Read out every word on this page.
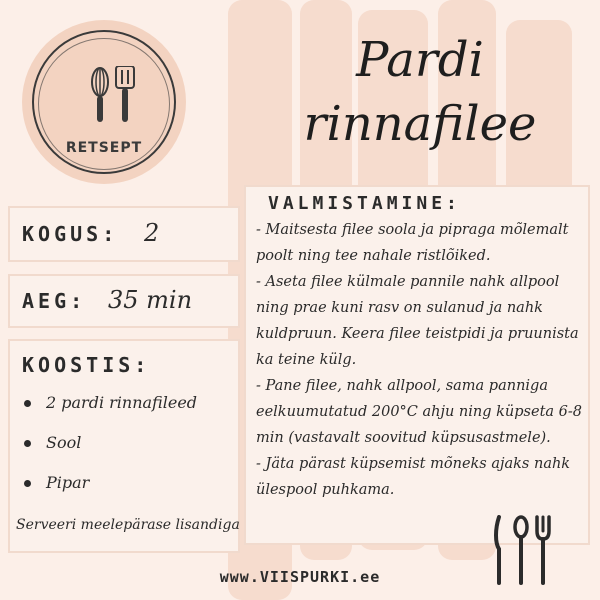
RETSEPT
Pardi
rinnafilee
KOGUS: 2
AEG: 35 min
KOOSTIS:
2 pardi rinnafileed
Sool
Pipar
Serveeri meelepärase lisandiga
VALMISTAMINE:

- Maitsesta filee soola ja pipraga mõlemalt poolt ning tee nahale ristlõiked.

- Aseta filee külmale pannile nahk allpool ning prae kuni rasv on sulanud ja nahk kuldpruun. Keera filee teistpidi ja pruunista ka teine külg.

- Pane filee, nahk allpool, sama panniga eelkuumutatud 200°C ahju ning küpseta 6-8 min (vastavalt soovitud küpsusastmele).

- Jäta pärast küpsemist mõneks ajaks nahk ülespool puhkama.

www.VIISPURKI.ee
